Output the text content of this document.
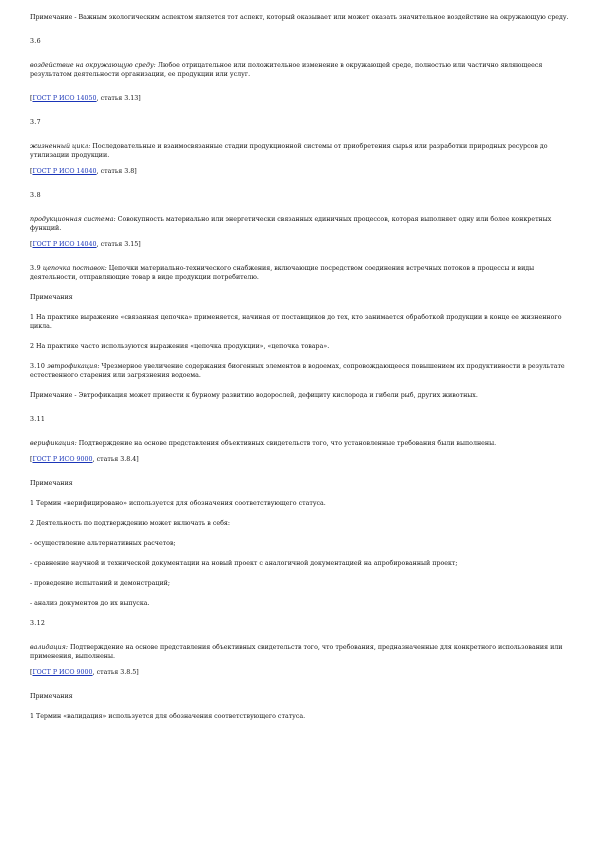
Примечание - Важным экологическим аспектом является тот аспект, который оказывает или может оказать значительное воздействие на окружающую среду.

3.6

воздействие на окружающую среду: Любое отрицательное или положительное изменение в окружающей среде, полностью или частично являющееся результатом деятельности организации, ее продукции или услуг.

[ГОСТ Р ИСО 14050, статья 3.13]

3.7

жизненный цикл: Последовательные и взаимосвязанные стадии продукционной системы от приобретения сырья или разработки природных ресурсов до утилизации продукции.

[ГОСТ Р ИСО 14040, статья 3.8]

3.8

продукционная система: Совокупность материально или энергетически связанных единичных процессов, которая выполняет одну или более конкретных функций.

[ГОСТ Р ИСО 14040, статья 3.15]

3.9 цепочка поставок: Цепочки материально-технического снабжения, включающие посредством соединения встречных потоков в процессы и виды деятельности, отправляющие товар в виде продукции потребителю.

Примечания

1 На практике выражение «связанная цепочка» применяется, начиная от поставщиков до тех, кто занимается обработкой продукции в конце ее жизненного цикла.

2 На практике часто используются выражения «цепочка продукции», «цепочка товара».

3.10 эвтрофикация: Чрезмерное увеличение содержания биогенных элементов в водоемах, сопровождающееся повышением их продуктивности в результате естественного старения или загрязнения водоема.

Примечание - Эвтрофикация может привести к бурному развитию водорослей, дефициту кислорода и гибели рыб, других животных.

3.11

верификация: Подтверждение на основе представления объективных свидетельств того, что установленные требования были выполнены.

[ГОСТ Р ИСО 9000, статья 3.8.4]

Примечания

1 Термин «верифицировано» используется для обозначения соответствующего статуса.

2 Деятельность по подтверждению может включать в себя:

- осуществление альтернативных расчетов;

- сравнение научной и технической документации на новый проект с аналогичной документацией на апробированный проект;

- проведение испытаний и демонстраций;

- анализ документов до их выпуска.

3.12

валидация: Подтверждение на основе представления объективных свидетельств того, что требования, предназначенные для конкретного использования или применения, выполнены.

[ГОСТ Р ИСО 9000, статья 3.8.5]

Примечания

1 Термин «валидация» используется для обозначения соответствующего статуса.
